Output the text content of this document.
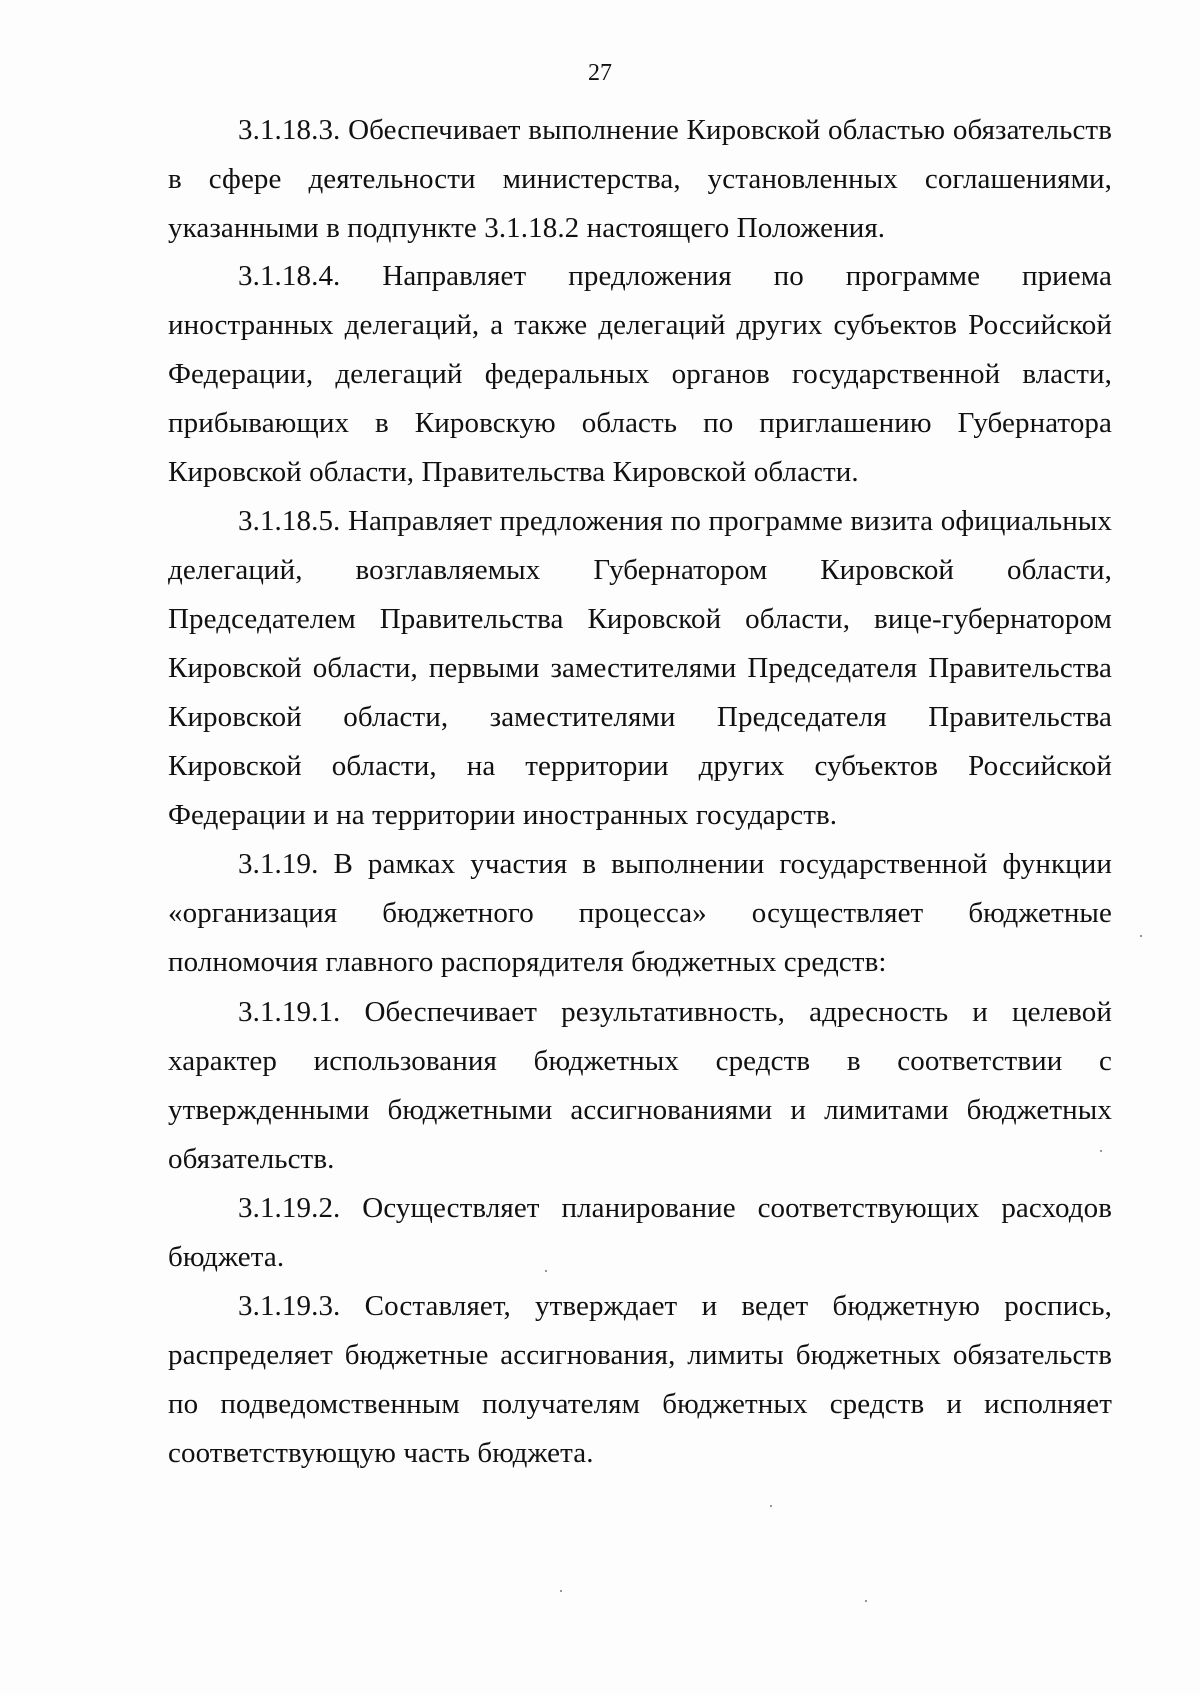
27

3.1.18.3. Обеспечивает выполнение Кировской областью обязательств в сфере деятельности министерства, установленных соглашениями, указанными в подпункте 3.1.18.2 настоящего Положения.

3.1.18.4. Направляет предложения по программе приема иностранных делегаций, а также делегаций других субъектов Российской Федерации, делегаций федеральных органов государственной власти, прибывающих в Кировскую область по приглашению Губернатора Кировской области, Правительства Кировской области.

3.1.18.5. Направляет предложения по программе визита официальных делегаций, возглавляемых Губернатором Кировской области, Председателем Правительства Кировской области, вице-губернатором Кировской области, первыми заместителями Председателя Правительства Кировской области, заместителями Председателя Правительства Кировской области, на территории других субъектов Российской Федерации и на территории иностранных государств.

3.1.19. В рамках участия в выполнении государственной функции «организация бюджетного процесса» осуществляет бюджетные полномочия главного распорядителя бюджетных средств:

3.1.19.1. Обеспечивает результативность, адресность и целевой характер использования бюджетных средств в соответствии с утвержденными бюджетными ассигнованиями и лимитами бюджетных обязательств.

3.1.19.2. Осуществляет планирование соответствующих расходов бюджета.

3.1.19.3. Составляет, утверждает и ведет бюджетную роспись, распределяет бюджетные ассигнования, лимиты бюджетных обязательств по подведомственным получателям бюджетных средств и исполняет соответствующую часть бюджета.
